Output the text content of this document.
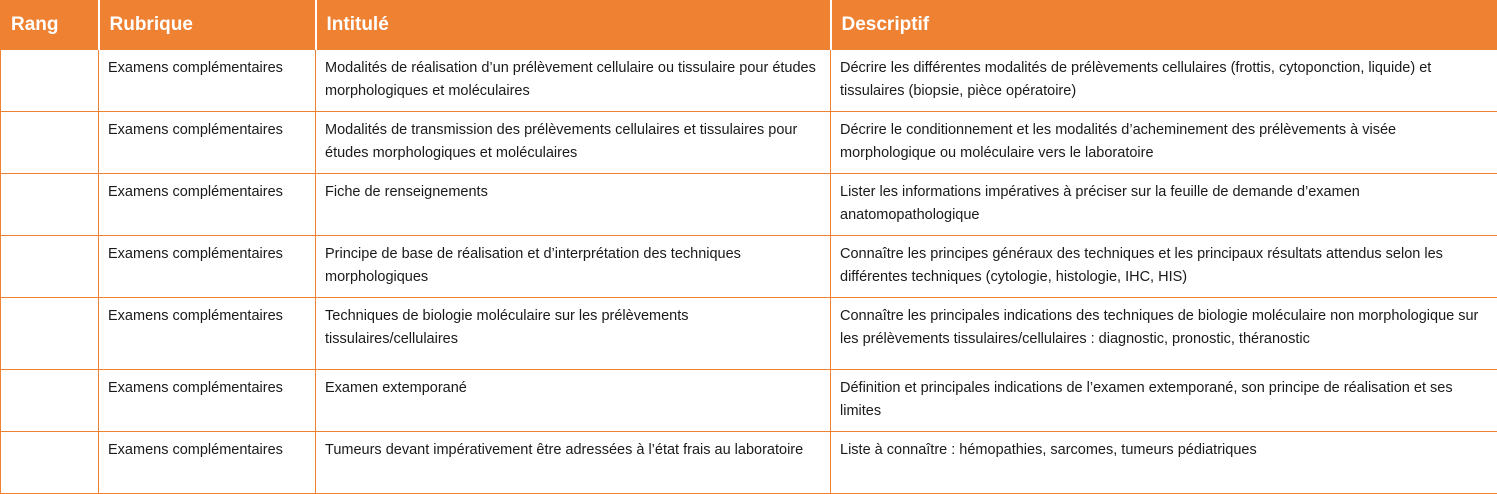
Rang	Rubrique	Intitulé	Descriptif
	Examens complémentaires	Modalités de réalisation d’un prélèvement cellulaire ou tissulaire pour études morphologiques et moléculaires	Décrire les différentes modalités de prélèvements cellulaires (frottis, cytoponction, liquide) et tissulaires (biopsie, pièce opératoire)
	Examens complémentaires	Modalités de transmission des prélèvements cellulaires et tissulaires pour études morphologiques et moléculaires	Décrire le conditionnement et les modalités d’acheminement des prélèvements à visée morphologique ou moléculaire vers le laboratoire
	Examens complémentaires	Fiche de renseignements	Lister les informations impératives à préciser sur la feuille de demande d’examen anatomopathologique
	Examens complémentaires	Principe de base de réalisation et d’interprétation des techniques morphologiques	Connaître les principes généraux des techniques et les principaux résultats attendus selon les différentes techniques (cytologie, histologie, IHC, HIS)
	Examens complémentaires	Techniques de biologie moléculaire sur les prélèvements tissulaires/cellulaires	Connaître les principales indications des techniques de biologie moléculaire non morphologique sur les prélèvements tissulaires/cellulaires : diagnostic, pronostic, théranostic
	Examens complémentaires	Examen extemporané	Définition et principales indications de l’examen extemporané, son principe de réalisation et ses limites
	Examens complémentaires	Tumeurs devant impérativement être adressées à l’état frais au laboratoire	Liste à connaître : hémopathies, sarcomes, tumeurs pédiatriques
